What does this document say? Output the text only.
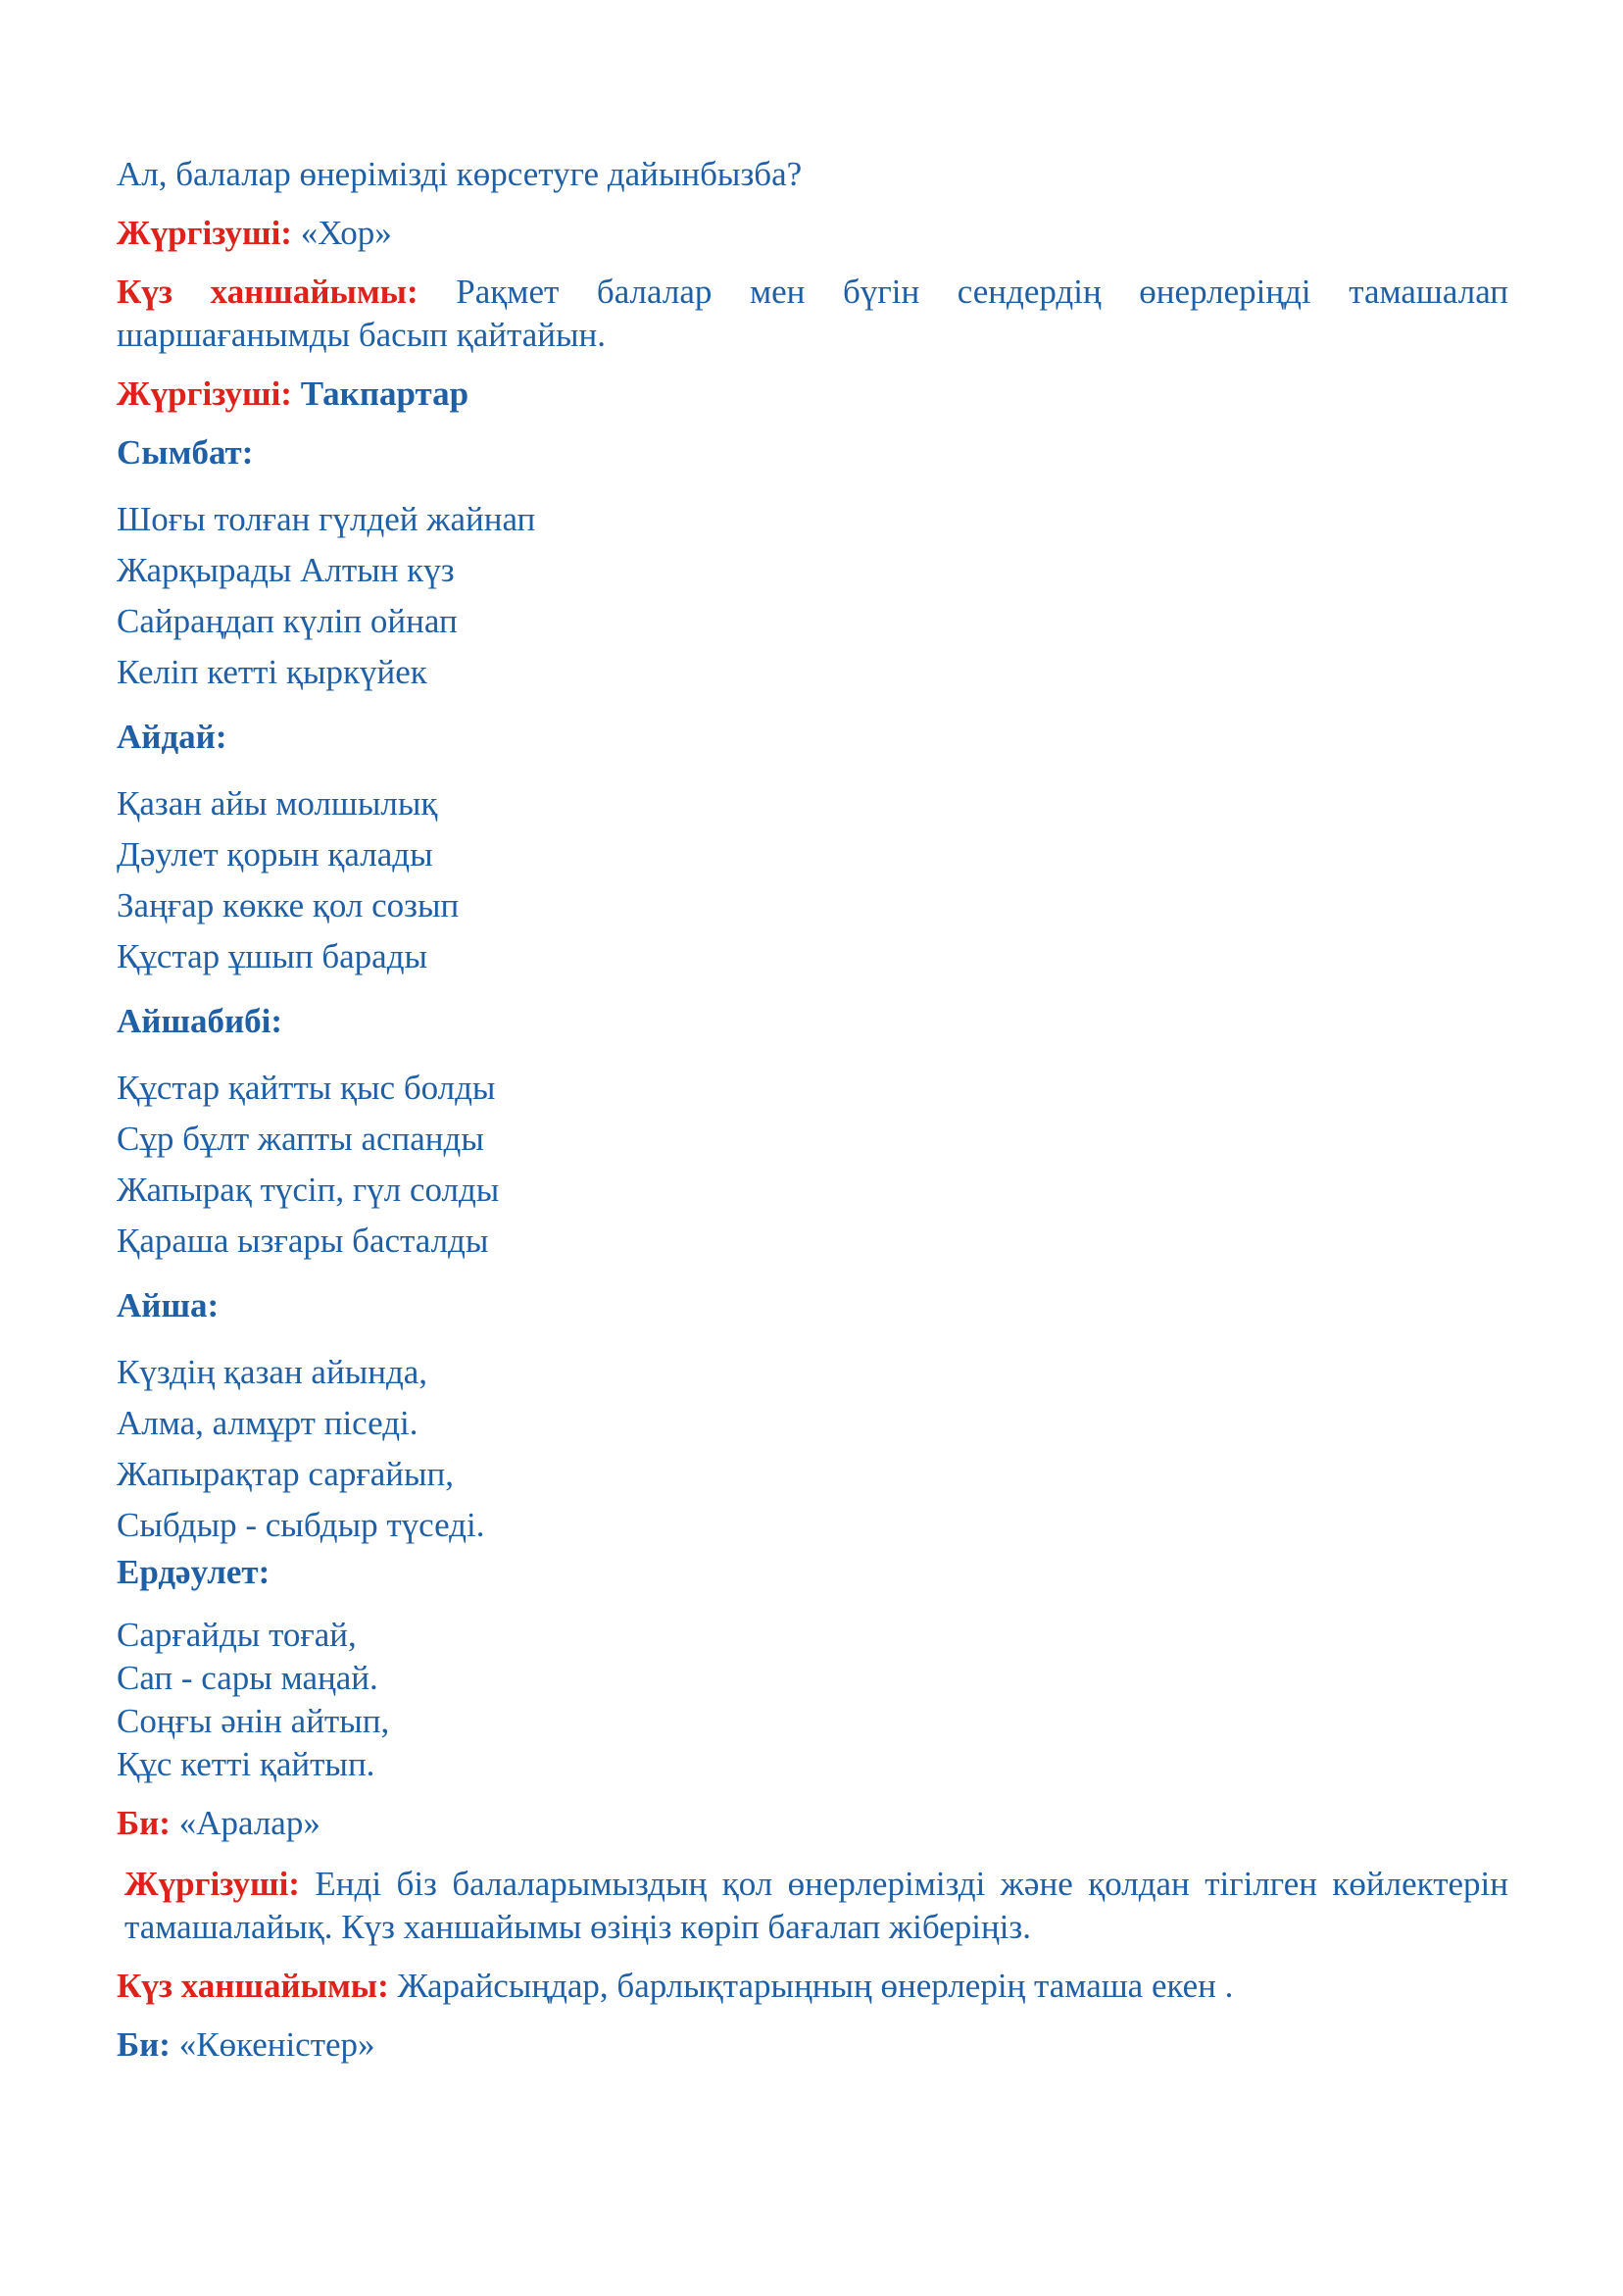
Ал, балалар өнерімізді көрсетуге дайынбызба?

Жүргізуші: «Хор»

Күз ханшайымы: Рақмет балалар мен бүгін сендердің өнерлеріңді тамашалап шаршағанымды басып қайтайын.

Жүргізуші: Такпартар

Сымбат:

Шоғы толған гүлдей жайнап

Жарқырады Алтын күз

Сайраңдап күліп ойнап

Келіп кетті қыркүйек

Айдай:

Қазан айы молшылық

Дәулет қорын қалады

Заңғар көкке қол созып

Құстар ұшып барады

Айшабибі:

Құстар қайтты қыс болды

Сұр бұлт жапты аспанды

Жапырақ түсіп, гүл солды

Қараша ызғары басталды

Айша:

Күздің қазан айында,

Алма, алмұрт піседі.

Жапырақтар сарғайып,

Сыбдыр - сыбдыр түседі.

Ердәулет:

Сарғайды тоғай,

Сап - сары маңай.

Соңғы әнін айтып,

Құс кетті қайтып.

Би: «Аралар»

Жүргізуші: Енді біз балаларымыздың қол өнерлерімізді және қолдан тігілген көйлектерін тамашалайық. Күз ханшайымы өзіңіз көріп бағалап жіберіңіз.

Күз ханшайымы: Жарайсыңдар, барлықтарыңның өнерлерің тамаша екен .

Би: «Көкеністер»
